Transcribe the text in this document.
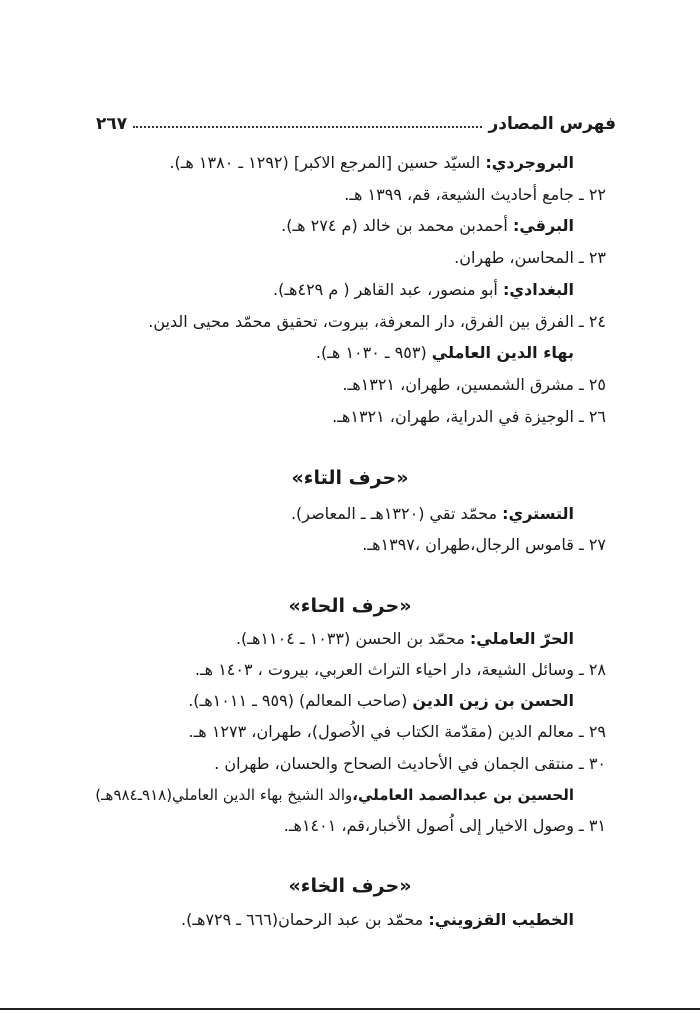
فهرس المصادر
٢٦٧
البروجردي: السيّد حسين [المرجع الاكبر] (١٢٩٢ ـ ١٣٨٠ هـ).
٢٢ ـ جامع أحاديث الشيعة، قم، ١٣٩٩ هـ.
البرقي: أحمدبن محمد بن خالد (م ٢٧٤ هـ).
٢٣ ـ المحاسن، طهران.
البغدادي: أبو منصور، عبد القاهر ( م ٤٢٩هـ).
٢٤ ـ الفرق بين الفرق، دار المعرفة، بيروت، تحقيق محمّد محيى الدين.
بهاء الدين العاملي (٩٥٣ ـ ١٠٣٠ هـ).
٢٥ ـ مشرق الشمسين، طهران، ١٣٢١هـ.
٢٦ ـ الوجيزة في الدراية، طهران، ١٣٢١هـ.
«حرف التاء»
التستري: محمّد تقي (١٣٢٠هـ ـ المعاصر).
٢٧ ـ قاموس الرجال،طهران ،١٣٩٧هـ.
«حرف الحاء»
الحرّ العاملي: محمّد بن الحسن (١٠٣٣ ـ ١١٠٤هـ).
٢٨ ـ وسائل الشيعة، دار احياء التراث العربي، بيروت ، ١٤٠٣ هـ.
الحسن بن زين الدين (صاحب المعالم) (٩٥٩ ـ ١٠١١هـ).
٢٩ ـ معالم الدين (مقدّمة الكتاب في الاُصول)، طهران، ١٢٧٣ هـ.
٣٠ ـ منتقى الجمان في الأحاديث الصحاح والحسان، طهران .
الحسين بن عبدالصمد العاملي،والد الشيخ بهاء الدين العاملي(٩١٨ـ٩٨٤هـ)
٣١ ـ وصول الاخيار إلى اُصول الأخبار،قم، ١٤٠١هـ.
«حرف الخاء»
الخطيب القزويني: محمّد بن عبد الرحمان(٦٦٦ ـ ٧٢٩هـ).
